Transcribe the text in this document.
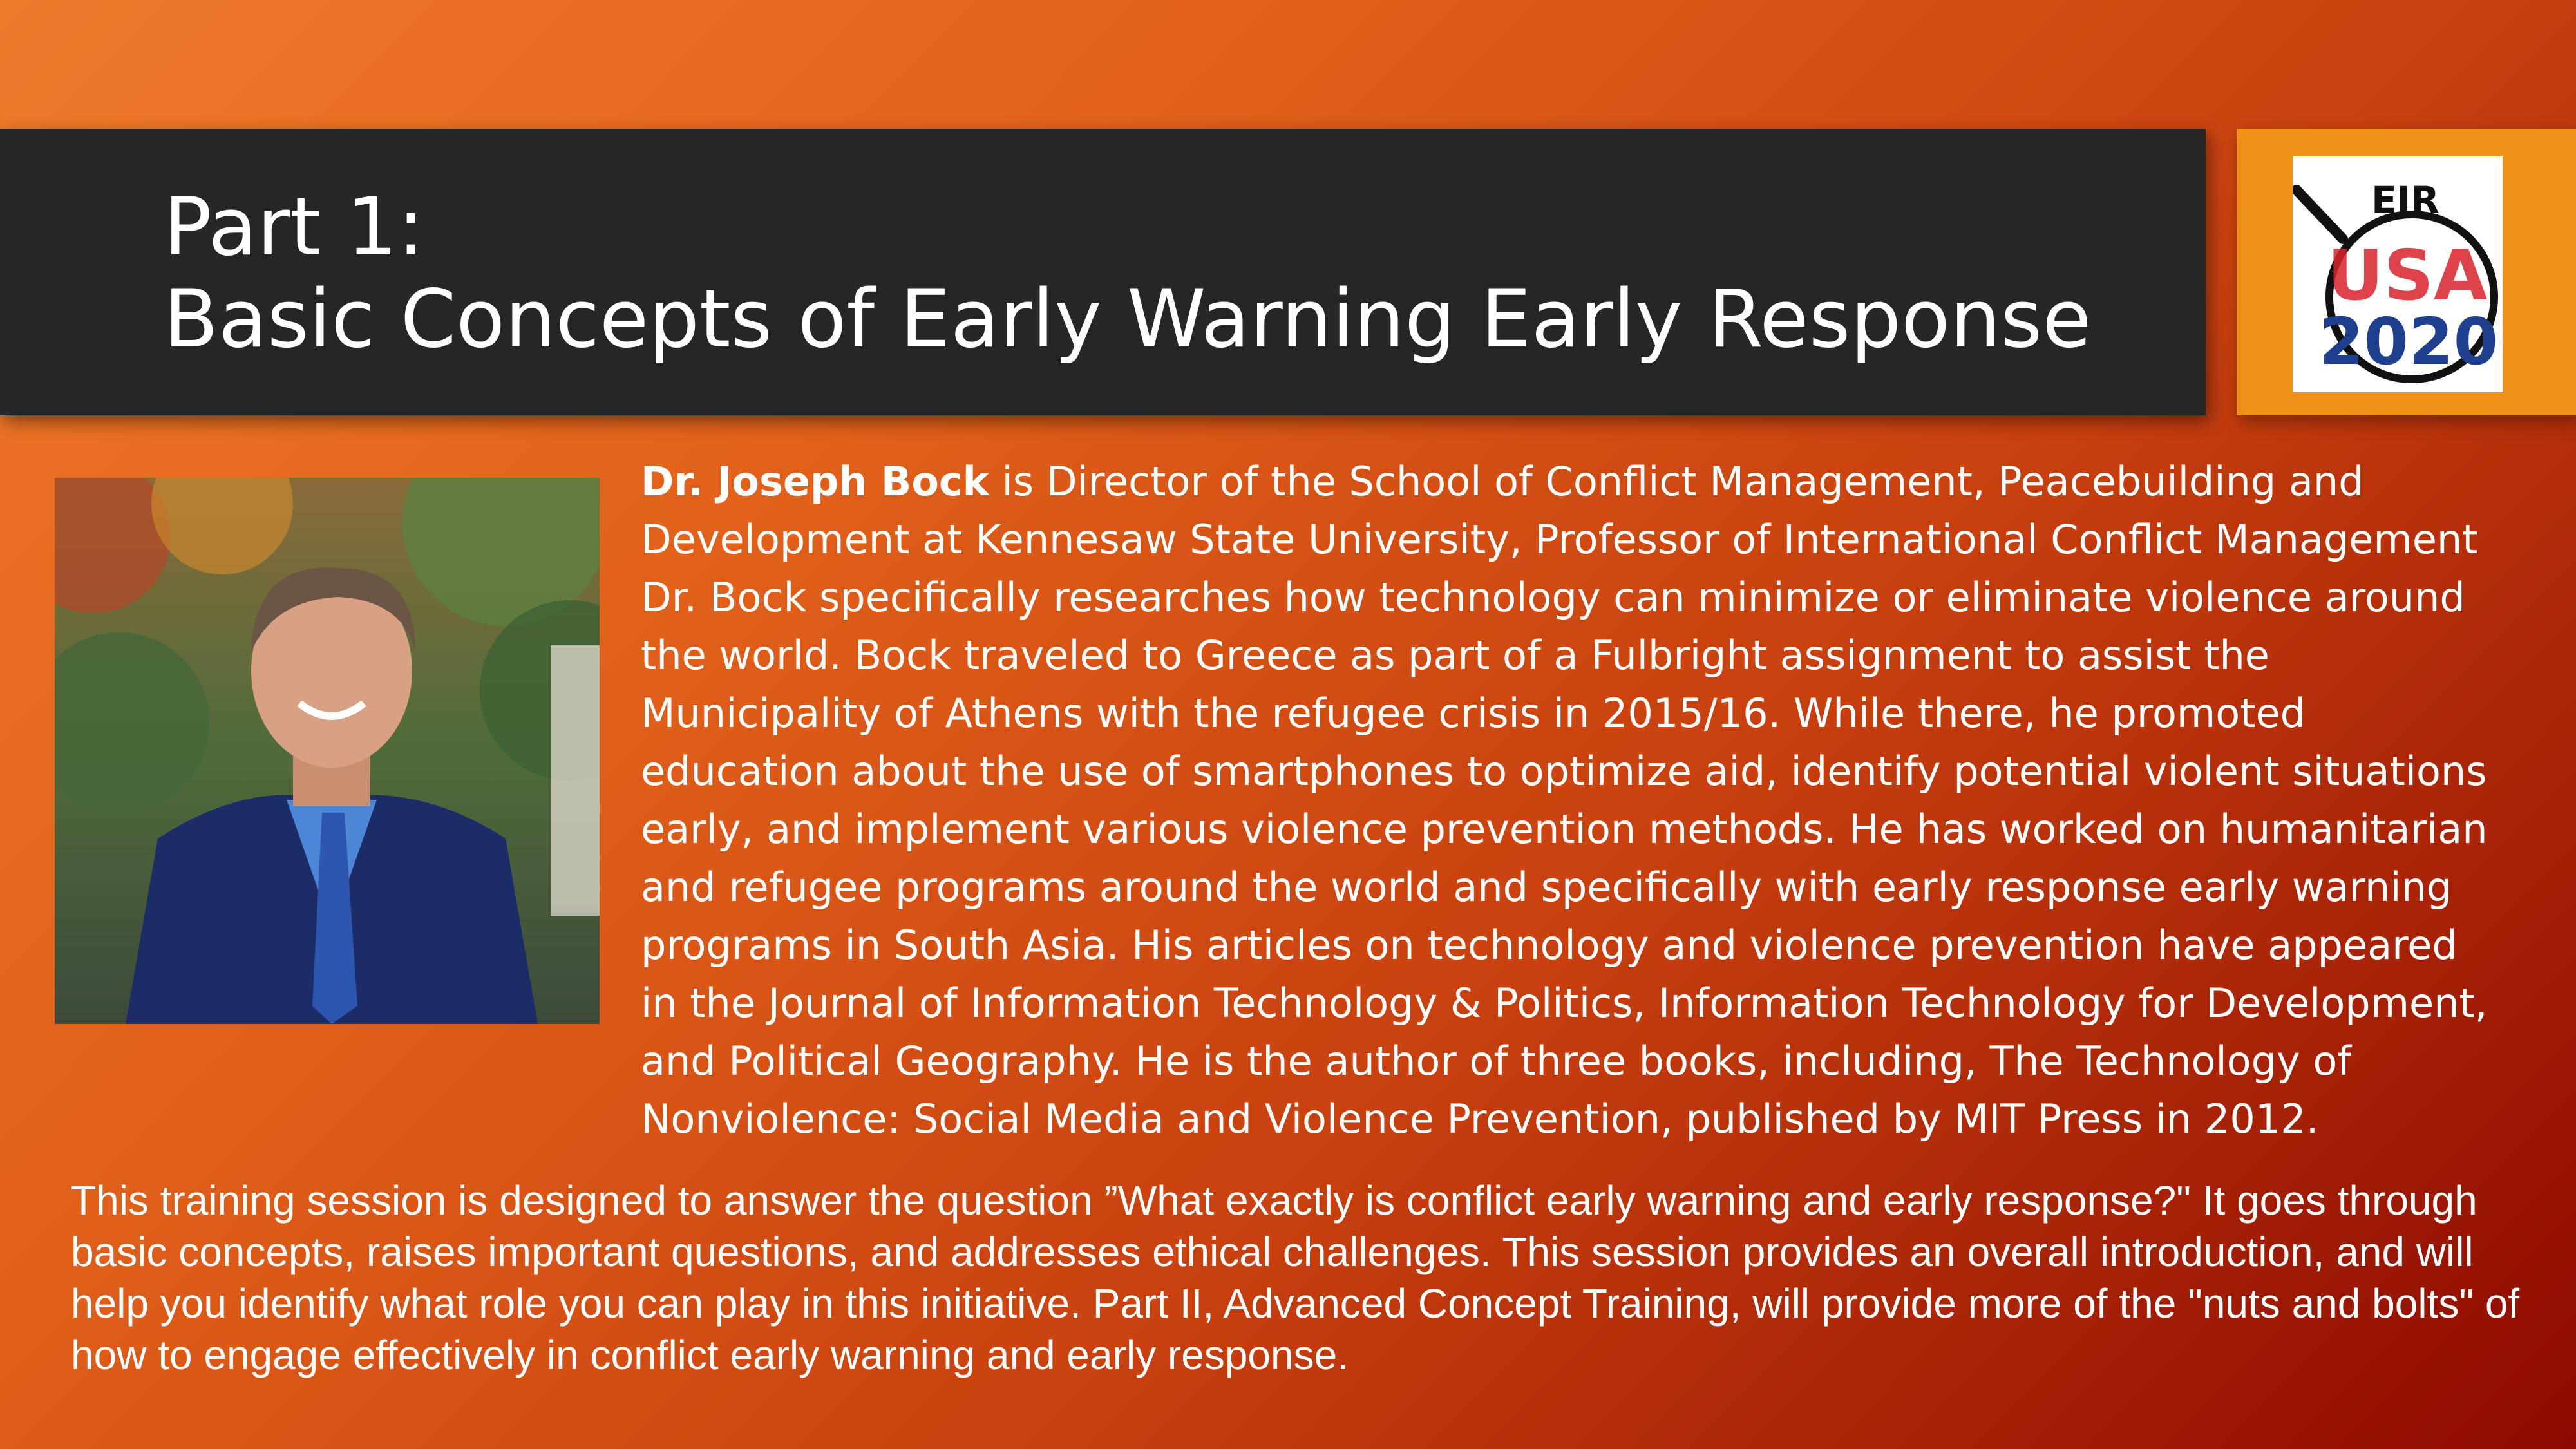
Part 1:
Basic Concepts of Early Warning Early Response
EIR
USA
2020

Dr. Joseph Bock is Director of the School of Conflict Management, Peacebuilding and Development at Kennesaw State University, Professor of International Conflict Management Dr. Bock specifically researches how technology can minimize or eliminate violence around the world. Bock traveled to Greece as part of a Fulbright assignment to assist the Municipality of Athens with the refugee crisis in 2015/16. While there, he promoted education about the use of smartphones to optimize aid, identify potential violent situations early, and implement various violence prevention methods. He has worked on humanitarian and refugee programs around the world and specifically with early response early warning programs in South Asia. His articles on technology and violence prevention have appeared in the Journal of Information Technology & Politics, Information Technology for Development, and Political Geography. He is the author of three books, including, The Technology of Nonviolence: Social Media and Violence Prevention, published by MIT Press in 2012.

This training session is designed to answer the question ”What exactly is conflict early warning and early response?" It goes through basic concepts, raises important questions, and addresses ethical challenges. This session provides an overall introduction, and will help you identify what role you can play in this initiative. Part II, Advanced Concept Training, will provide more of the "nuts and bolts" of how to engage effectively in conflict early warning and early response.
